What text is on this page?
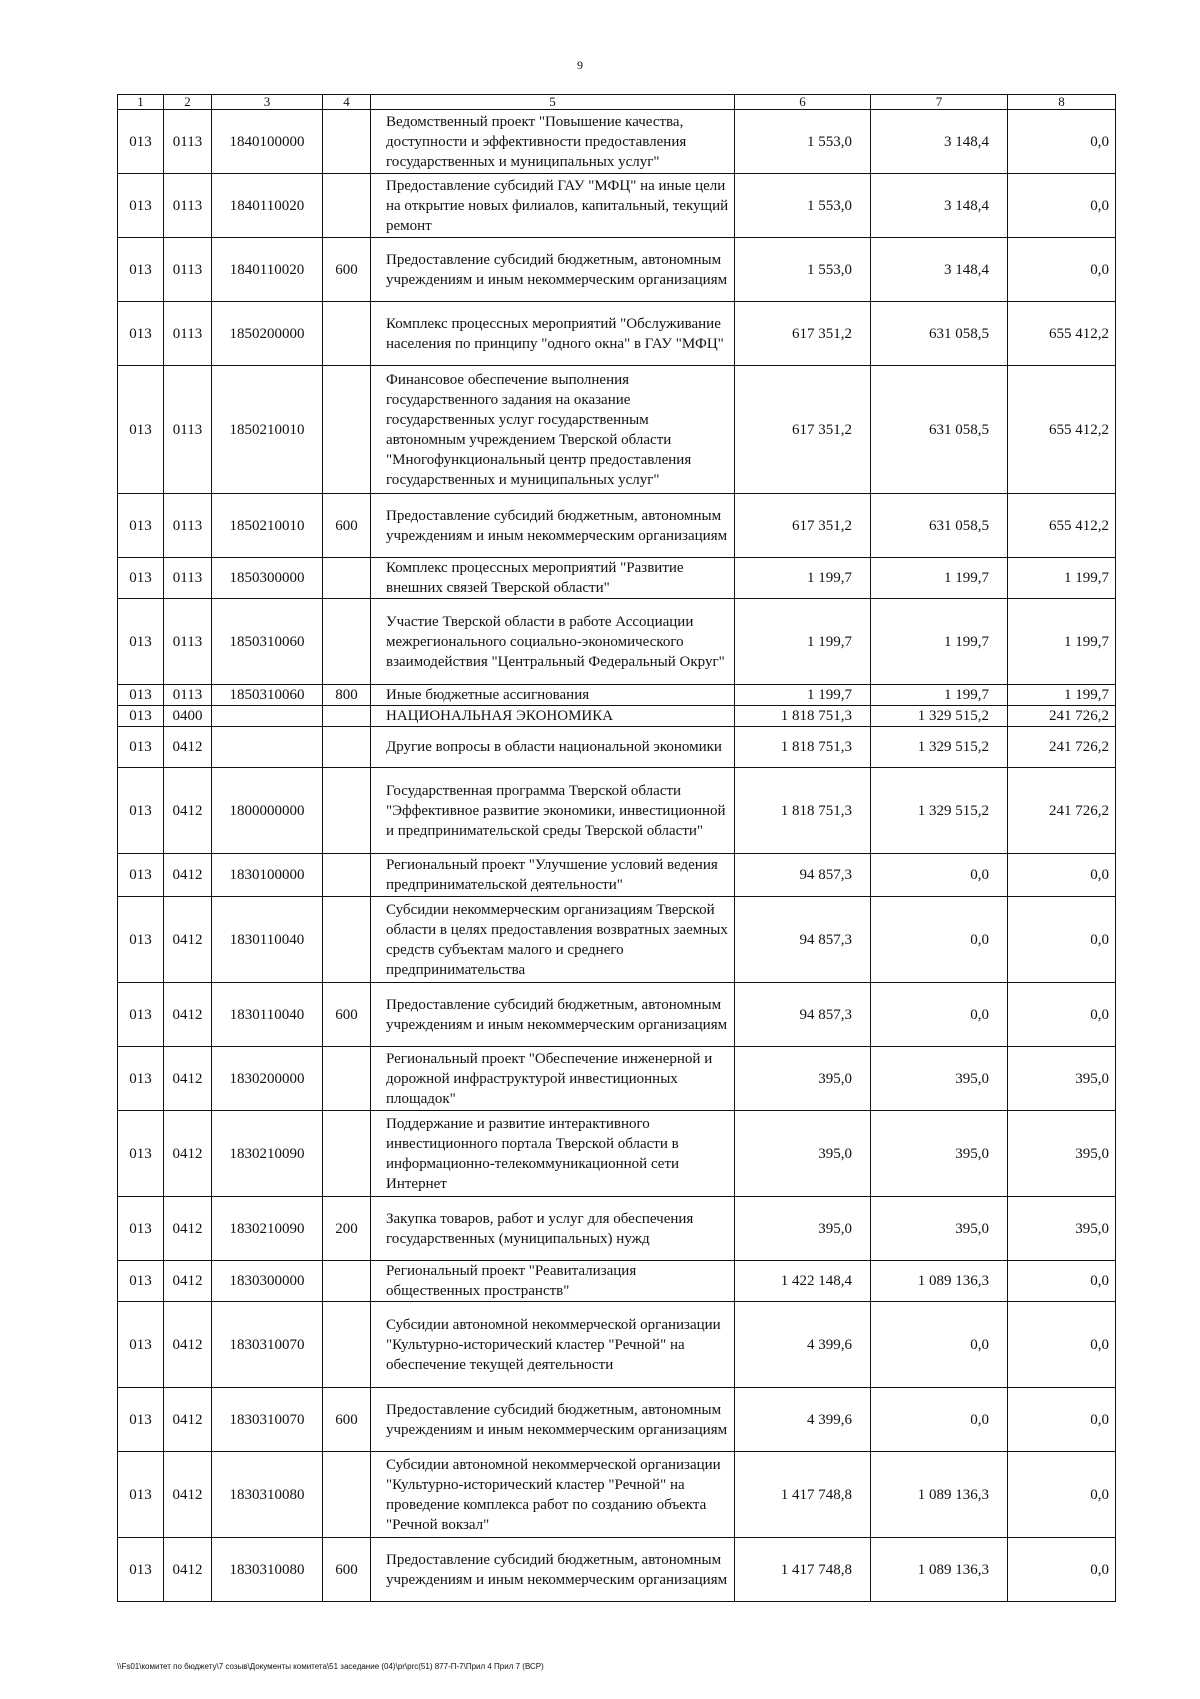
9
1	2	3	4	5	6	7	8
013	0113	1840100000		Ведомственный проект "Повышение качества, доступности и эффективности предоставления государственных и муниципальных услуг"	1 553,0	3 148,4	0,0
013	0113	1840110020		Предоставление субсидий ГАУ "МФЦ" на иные цели на открытие новых филиалов, капитальный, текущий ремонт	1 553,0	3 148,4	0,0
013	0113	1840110020	600	Предоставление субсидий бюджетным, автономным учреждениям и иным некоммерческим организациям	1 553,0	3 148,4	0,0
013	0113	1850200000		Комплекс процессных мероприятий "Обслуживание населения по принципу "одного окна" в ГАУ "МФЦ"	617 351,2	631 058,5	655 412,2
013	0113	1850210010		Финансовое обеспечение выполнения государственного задания на оказание государственных услуг государственным автономным учреждением Тверской области "Многофункциональный центр предоставления государственных и муниципальных услуг"	617 351,2	631 058,5	655 412,2
013	0113	1850210010	600	Предоставление субсидий бюджетным, автономным учреждениям и иным некоммерческим организациям	617 351,2	631 058,5	655 412,2
013	0113	1850300000		Комплекс процессных мероприятий "Развитие внешних связей Тверской области"	1 199,7	1 199,7	1 199,7
013	0113	1850310060		Участие Тверской области в работе Ассоциации межрегионального социально-экономического взаимодействия "Центральный Федеральный Округ"	1 199,7	1 199,7	1 199,7
013	0113	1850310060	800	Иные бюджетные ассигнования	1 199,7	1 199,7	1 199,7
013	0400			НАЦИОНАЛЬНАЯ ЭКОНОМИКА	1 818 751,3	1 329 515,2	241 726,2
013	0412			Другие вопросы в области национальной экономики	1 818 751,3	1 329 515,2	241 726,2
013	0412	1800000000		Государственная программа Тверской области "Эффективное развитие экономики, инвестиционной и предпринимательской среды Тверской области"	1 818 751,3	1 329 515,2	241 726,2
013	0412	1830100000		Региональный проект "Улучшение условий ведения предпринимательской деятельности"	94 857,3	0,0	0,0
013	0412	1830110040		Субсидии некоммерческим организациям Тверской области в целях предоставления возвратных заемных средств субъектам малого и среднего предпринимательства	94 857,3	0,0	0,0
013	0412	1830110040	600	Предоставление субсидий бюджетным, автономным учреждениям и иным некоммерческим организациям	94 857,3	0,0	0,0
013	0412	1830200000		Региональный проект "Обеспечение инженерной и дорожной инфраструктурой инвестиционных площадок"	395,0	395,0	395,0
013	0412	1830210090		Поддержание и развитие интерактивного инвестиционного портала Тверской области в информационно-телекоммуникационной сети Интернет	395,0	395,0	395,0
013	0412	1830210090	200	Закупка товаров, работ и услуг для обеспечения государственных (муниципальных) нужд	395,0	395,0	395,0
013	0412	1830300000		Региональный проект "Реавитализация общественных пространств"	1 422 148,4	1 089 136,3	0,0
013	0412	1830310070		Субсидии автономной некоммерческой организации "Культурно-исторический кластер "Речной" на обеспечение текущей деятельности	4 399,6	0,0	0,0
013	0412	1830310070	600	Предоставление субсидий бюджетным, автономным учреждениям и иным некоммерческим организациям	4 399,6	0,0	0,0
013	0412	1830310080		Субсидии автономной некоммерческой организации "Культурно-исторический кластер "Речной" на проведение комплекса работ по созданию объекта "Речной вокзал"	1 417 748,8	1 089 136,3	0,0
013	0412	1830310080	600	Предоставление субсидий бюджетным, автономным учреждениям и иным некоммерческим организациям	1 417 748,8	1 089 136,3	0,0
\\Fs01\комитет по бюджету\7 созыв\Документы комитета\51 заседание (04)\pr\prc(51) 877-П-7\Прил 4 Прил 7 (ВСР)
